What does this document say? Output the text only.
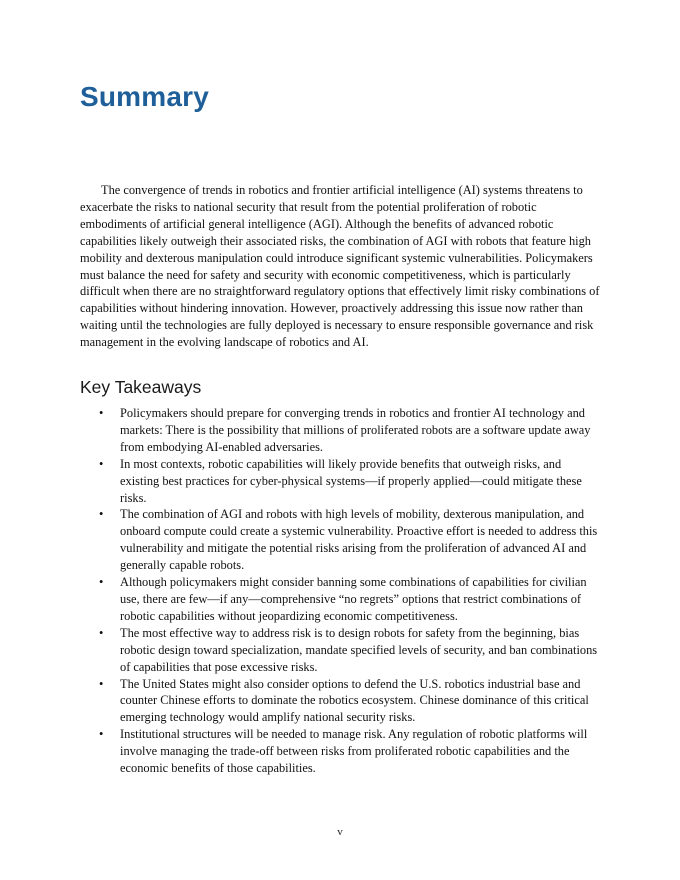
Summary

The convergence of trends in robotics and frontier artificial intelligence (AI) systems threatens to exacerbate the risks to national security that result from the potential proliferation of robotic embodiments of artificial general intelligence (AGI). Although the benefits of advanced robotic capabilities likely outweigh their associated risks, the combination of AGI with robots that feature high mobility and dexterous manipulation could introduce significant systemic vulnerabilities. Policymakers must balance the need for safety and security with economic competitiveness, which is particularly difficult when there are no straightforward regulatory options that effectively limit risky combinations of capabilities without hindering innovation. However, proactively addressing this issue now rather than waiting until the technologies are fully deployed is necessary to ensure responsible governance and risk management in the evolving landscape of robotics and AI.

Key Takeaways
•	Policymakers should prepare for converging trends in robotics and frontier AI technology and markets: There is the possibility that millions of proliferated robots are a software update away from embodying AI-enabled adversaries.
•	In most contexts, robotic capabilities will likely provide benefits that outweigh risks, and existing best practices for cyber-physical systems—if properly applied—could mitigate these risks.
•	The combination of AGI and robots with high levels of mobility, dexterous manipulation, and onboard compute could create a systemic vulnerability. Proactive effort is needed to address this vulnerability and mitigate the potential risks arising from the proliferation of advanced AI and generally capable robots.
•	Although policymakers might consider banning some combinations of capabilities for civilian use, there are few—if any—comprehensive “no regrets” options that restrict combinations of robotic capabilities without jeopardizing economic competitiveness.
•	The most effective way to address risk is to design robots for safety from the beginning, bias robotic design toward specialization, mandate specified levels of security, and ban combinations of capabilities that pose excessive risks.
•	The United States might also consider options to defend the U.S. robotics industrial base and counter Chinese efforts to dominate the robotics ecosystem. Chinese dominance of this critical emerging technology would amplify national security risks.
•	Institutional structures will be needed to manage risk. Any regulation of robotic platforms will involve managing the trade-off between risks from proliferated robotic capabilities and the economic benefits of those capabilities.
v
